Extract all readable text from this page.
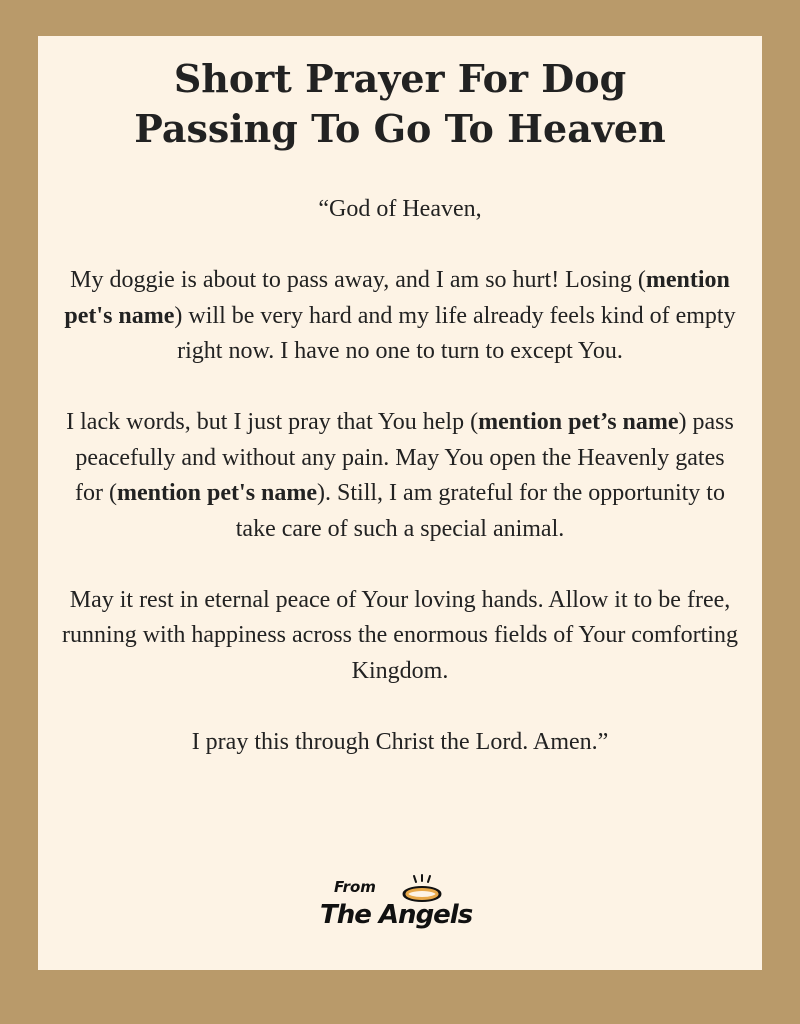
Short Prayer For Dog
Passing To Go To Heaven

“God of Heaven,

My doggie is about to pass away, and I am so hurt! Losing (mention pet's name) will be very hard and my life already feels kind of empty right now. I have no one to turn to except You.

I lack words, but I just pray that You help (mention pet’s name) pass peacefully and without any pain. May You open the Heavenly gates for (mention pet's name). Still, I am grateful for the opportunity to take care of such a special animal.

May it rest in eternal peace of Your loving hands. Allow it to be free, running with happiness across the enormous fields of Your comforting Kingdom.

I pray this through Christ the Lord. Amen.”

From
The Angels
